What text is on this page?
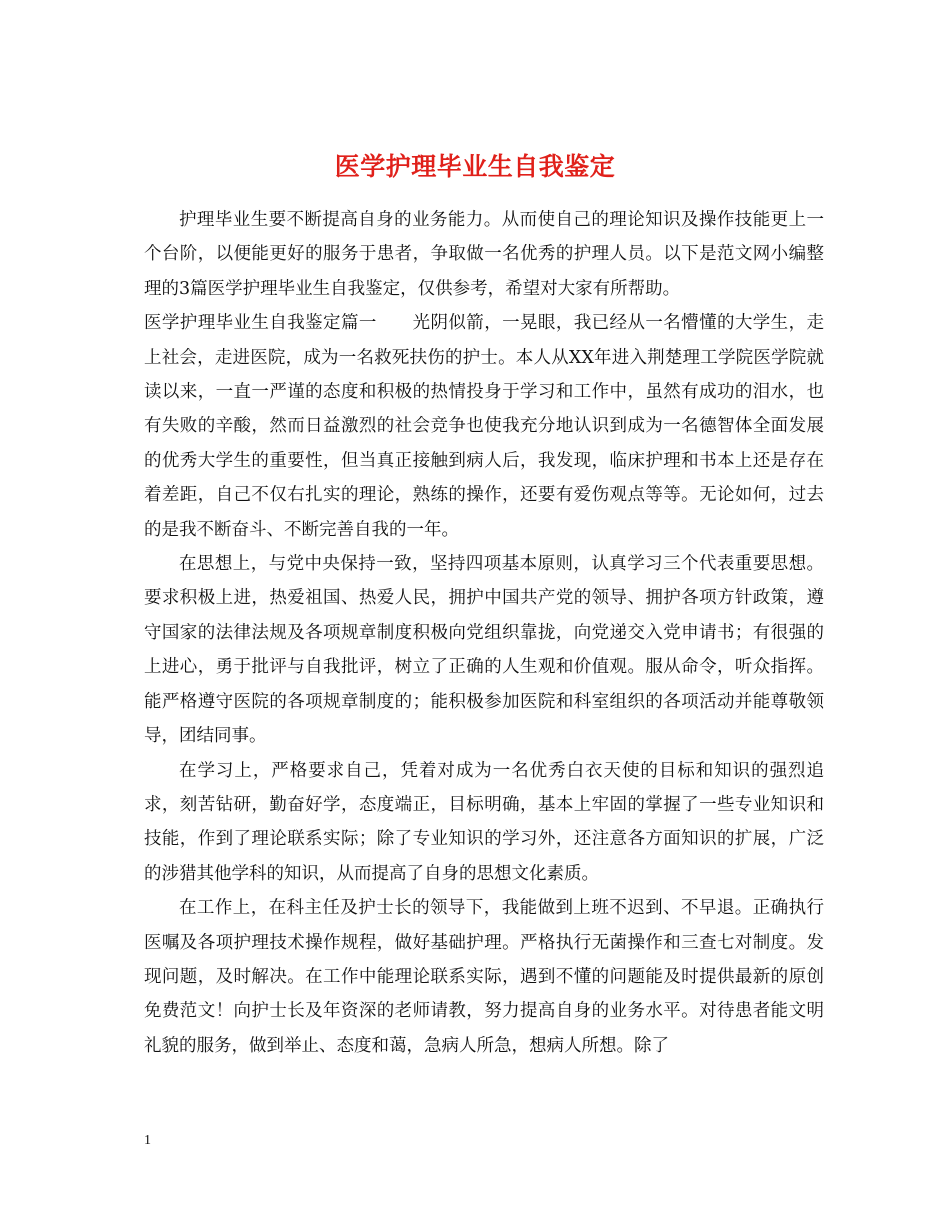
医学护理毕业生自我鉴定

护理毕业生要不断提高自身的业务能力。从而使自己的理论知识及操作技能更上一个台阶，以便能更好的服务于患者，争取做一名优秀的护理人员。以下是范文网小编整理的3篇医学护理毕业生自我鉴定，仅供参考，希望对大家有所帮助。

医学护理毕业生自我鉴定篇一　　光阴似箭，一晃眼，我已经从一名懵懂的大学生，走上社会，走进医院，成为一名救死扶伤的护士。本人从XX年进入荆楚理工学院医学院就读以来，一直一严谨的态度和积极的热情投身于学习和工作中，虽然有成功的泪水，也有失败的辛酸，然而日益激烈的社会竞争也使我充分地认识到成为一名德智体全面发展的优秀大学生的重要性，但当真正接触到病人后，我发现，临床护理和书本上还是存在着差距，自己不仅右扎实的理论，熟练的操作，还要有爱伤观点等等。无论如何，过去的是我不断奋斗、不断完善自我的一年。

在思想上，与党中央保持一致，坚持四项基本原则，认真学习三个代表重要思想。要求积极上进，热爱祖国、热爱人民，拥护中国共产党的领导、拥护各项方针政策，遵守国家的法律法规及各项规章制度积极向党组织靠拢，向党递交入党申请书；有很强的上进心，勇于批评与自我批评，树立了正确的人生观和价值观。服从命令，听众指挥。能严格遵守医院的各项规章制度的；能积极参加医院和科室组织的各项活动并能尊敬领导，团结同事。

在学习上，严格要求自己，凭着对成为一名优秀白衣天使的目标和知识的强烈追求，刻苦钻研，勤奋好学，态度端正，目标明确，基本上牢固的掌握了一些专业知识和技能，作到了理论联系实际；除了专业知识的学习外，还注意各方面知识的扩展，广泛的涉猎其他学科的知识，从而提高了自身的思想文化素质。

在工作上，在科主任及护士长的领导下，我能做到上班不迟到、不早退。正确执行医嘱及各项护理技术操作规程，做好基础护理。严格执行无菌操作和三查七对制度。发现问题，及时解决。在工作中能理论联系实际，遇到不懂的问题能及时提供最新的原创免费范文！向护士长及年资深的老师请教，努力提高自身的业务水平。对待患者能文明礼貌的服务，做到举止、态度和蔼，急病人所急，想病人所想。除了

1
